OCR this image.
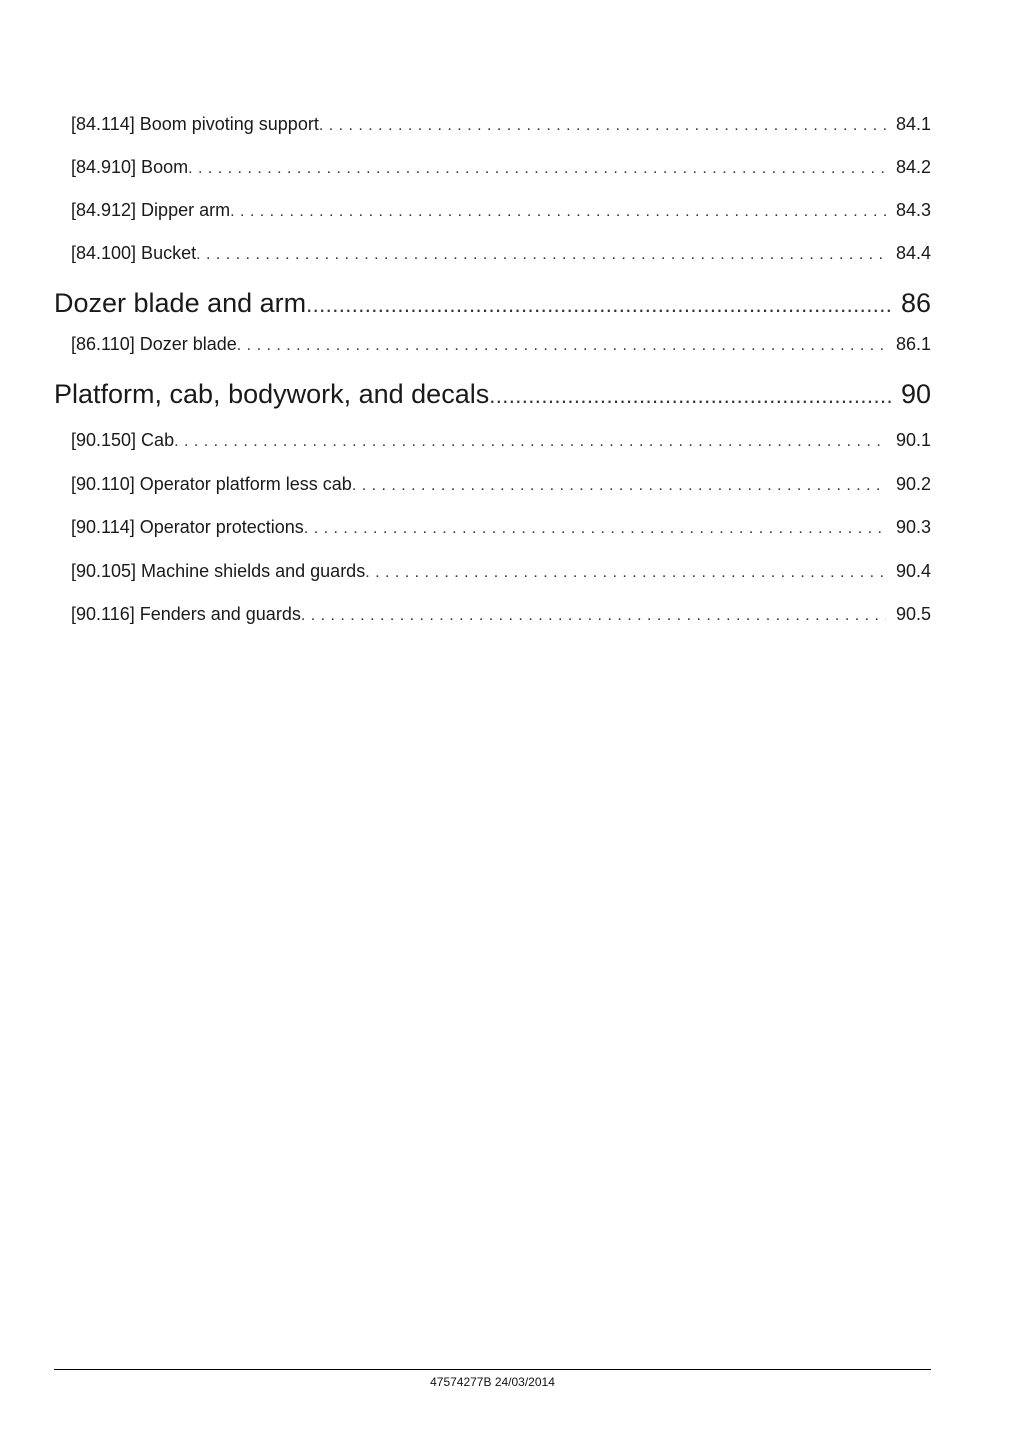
[84.114] Boom pivoting support . . .	84.1
[84.910] Boom . . .	84.2
[84.912] Dipper arm . . .	84.3
[84.100] Bucket . . .	84.4
Dozer blade and arm .....	86
[86.110] Dozer blade . . .	86.1
Platform, cab, bodywork, and decals .....	90
[90.150] Cab . . .	90.1
[90.110] Operator platform less cab . . .	90.2
[90.114] Operator protections . . .	90.3
[90.105] Machine shields and guards . . .	90.4
[90.116] Fenders and guards . . .	90.5
47574277B 24/03/2014
